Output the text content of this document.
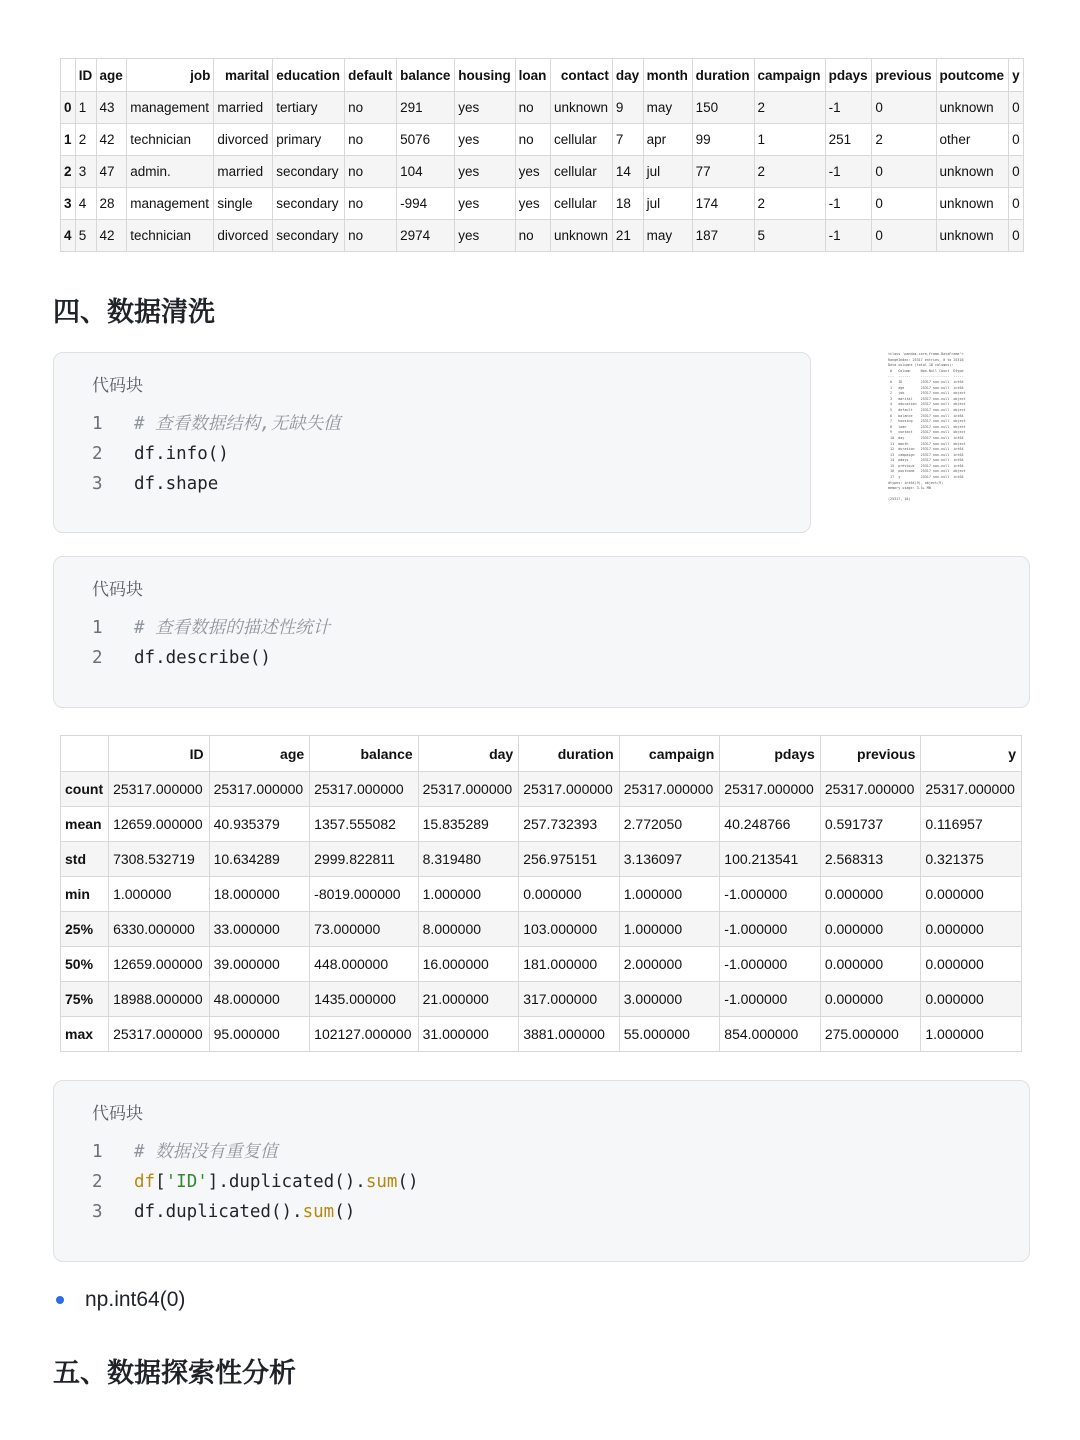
	ID	age	job	marital	education	default	balance	housing	loan	contact	day	month	duration	campaign	pdays	previous	poutcome	y
0	1	43	management	married	tertiary	no	291	yes	no	unknown	9	may	150	2	-1	0	unknown	0
1	2	42	technician	divorced	primary	no	5076	yes	no	cellular	7	apr	99	1	251	2	other	0
2	3	47	admin.	married	secondary	no	104	yes	yes	cellular	14	jul	77	2	-1	0	unknown	0
3	4	28	management	single	secondary	no	-994	yes	yes	cellular	18	jul	174	2	-1	0	unknown	0
4	5	42	technician	divorced	secondary	no	2974	yes	no	unknown	21	may	187	5	-1	0	unknown	0
四、数据清洗
代码块
1	# 查看数据结构,无缺失值
2	df.info()
3	df.shape
<class 'pandas.core.frame.DataFrame'>
RangeIndex: 25317 entries, 0 to 25316
Data columns (total 18 columns):
#   Column     Non-Null Count  Dtype
---  ------     --------------  -----
0   ID         25317 non-null  int64
1   age        25317 non-null  int64
2   job        25317 non-null  object
3   marital    25317 non-null  object
4   education  25317 non-null  object
5   default    25317 non-null  object
6   balance    25317 non-null  int64
7   housing    25317 non-null  object
8   loan       25317 non-null  object
9   contact    25317 non-null  object
10  day        25317 non-null  int64
11  month      25317 non-null  object
12  duration   25317 non-null  int64
13  campaign   25317 non-null  int64
14  pdays      25317 non-null  int64
15  previous   25317 non-null  int64
16  poutcome   25317 non-null  object
17  y          25317 non-null  int64
dtypes: int64(9), object(9)
memory usage: 3.5+ MB

(25317, 18)
代码块
1	# 查看数据的描述性统计
2	df.describe()
	ID	age	balance	day	duration	campaign	pdays	previous	y
count	25317.000000	25317.000000	25317.000000	25317.000000	25317.000000	25317.000000	25317.000000	25317.000000	25317.000000
mean	12659.000000	40.935379	1357.555082	15.835289	257.732393	2.772050	40.248766	0.591737	0.116957
std	7308.532719	10.634289	2999.822811	8.319480	256.975151	3.136097	100.213541	2.568313	0.321375
min	1.000000	18.000000	-8019.000000	1.000000	0.000000	1.000000	-1.000000	0.000000	0.000000
25%	6330.000000	33.000000	73.000000	8.000000	103.000000	1.000000	-1.000000	0.000000	0.000000
50%	12659.000000	39.000000	448.000000	16.000000	181.000000	2.000000	-1.000000	0.000000	0.000000
75%	18988.000000	48.000000	1435.000000	21.000000	317.000000	3.000000	-1.000000	0.000000	0.000000
max	25317.000000	95.000000	102127.000000	31.000000	3881.000000	55.000000	854.000000	275.000000	1.000000
代码块
1	# 数据没有重复值
2	df['ID'].duplicated().sum()
3	df.duplicated().sum()
np.int64(0)
五、数据探索性分析
